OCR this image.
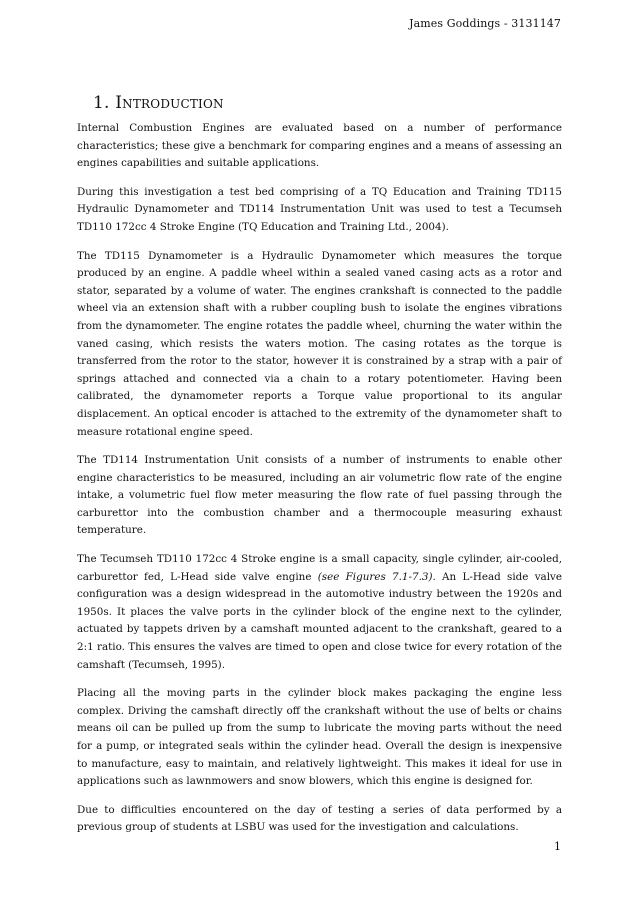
James Goddings - 3131147
1. Introduction

Internal Combustion Engines are evaluated based on a number of performance characteristics; these give a benchmark for comparing engines and a means of assessing an engines capabilities and suitable applications.

During this investigation a test bed comprising of a TQ Education and Training TD115 Hydraulic Dynamometer and TD114 Instrumentation Unit was used to test a Tecumseh TD110 172cc 4 Stroke Engine (TQ Education and Training Ltd., 2004).

The TD115 Dynamometer is a Hydraulic Dynamometer which measures the torque produced by an engine. A paddle wheel within a sealed vaned casing acts as a rotor and stator, separated by a volume of water. The engines crankshaft is connected to the paddle wheel via an extension shaft with a rubber coupling bush to isolate the engines vibrations from the dynamometer. The engine rotates the paddle wheel, churning the water within the vaned casing, which resists the waters motion. The casing rotates as the torque is transferred from the rotor to the stator, however it is constrained by a strap with a pair of springs attached and connected via a chain to a rotary potentiometer. Having been calibrated, the dynamometer reports a Torque value proportional to its angular displacement. An optical encoder is attached to the extremity of the dynamometer shaft to measure rotational engine speed.

The TD114 Instrumentation Unit consists of a number of instruments to enable other engine characteristics to be measured, including an air volumetric flow rate of the engine intake, a volumetric fuel flow meter measuring the flow rate of fuel passing through the carburettor into the combustion chamber and a thermocouple measuring exhaust temperature.

The Tecumseh TD110 172cc 4 Stroke engine is a small capacity, single cylinder, air-cooled, carburettor fed, L-Head side valve engine (see Figures 7.1-7.3). An L-Head side valve configuration was a design widespread in the automotive industry between the 1920s and 1950s. It places the valve ports in the cylinder block of the engine next to the cylinder, actuated by tappets driven by a camshaft mounted adjacent to the crankshaft, geared to a 2:1 ratio. This ensures the valves are timed to open and close twice for every rotation of the camshaft (Tecumseh, 1995).

Placing all the moving parts in the cylinder block makes packaging the engine less complex. Driving the camshaft directly off the crankshaft without the use of belts or chains means oil can be pulled up from the sump to lubricate the moving parts without the need for a pump, or integrated seals within the cylinder head. Overall the design is inexpensive to manufacture, easy to maintain, and relatively lightweight. This makes it ideal for use in applications such as lawnmowers and snow blowers, which this engine is designed for.

Due to difficulties encountered on the day of testing a series of data performed by a previous group of students at LSBU was used for the investigation and calculations.

1
